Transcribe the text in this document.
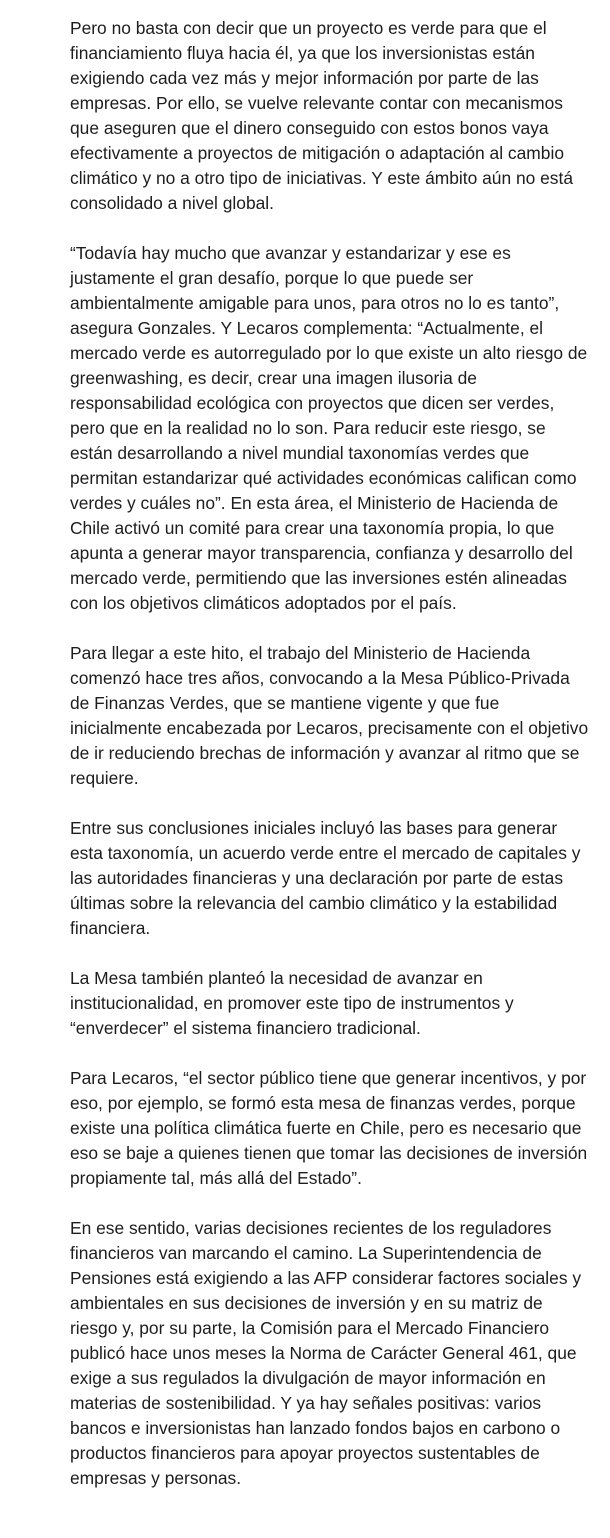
Pero no basta con decir que un proyecto es verde para que el financiamiento fluya hacia él, ya que los inversionistas están exigiendo cada vez más y mejor información por parte de las empresas. Por ello, se vuelve relevante contar con mecanismos que aseguren que el dinero conseguido con estos bonos vaya efectivamente a proyectos de mitigación o adaptación al cambio climático y no a otro tipo de iniciativas. Y este ámbito aún no está consolidado a nivel global.

“Todavía hay mucho que avanzar y estandarizar y ese es justamente el gran desafío, porque lo que puede ser ambientalmente amigable para unos, para otros no lo es tanto”, asegura Gonzales. Y Lecaros complementa: “Actualmente, el mercado verde es autorregulado por lo que existe un alto riesgo de greenwashing, es decir, crear una imagen ilusoria de responsabilidad ecológica con proyectos que dicen ser verdes, pero que en la realidad no lo son. Para reducir este riesgo, se están desarrollando a nivel mundial taxonomías verdes que permitan estandarizar qué actividades económicas califican como verdes y cuáles no”. En esta área, el Ministerio de Hacienda de Chile activó un comité para crear una taxonomía propia, lo que apunta a generar mayor transparencia, confianza y desarrollo del mercado verde, permitiendo que las inversiones estén alineadas con los objetivos climáticos adoptados por el país.

Para llegar a este hito, el trabajo del Ministerio de Hacienda comenzó hace tres años, convocando a la Mesa Público-Privada de Finanzas Verdes, que se mantiene vigente y que fue inicialmente encabezada por Lecaros, precisamente con el objetivo de ir reduciendo brechas de información y avanzar al ritmo que se requiere.

Entre sus conclusiones iniciales incluyó las bases para generar esta taxonomía, un acuerdo verde entre el mercado de capitales y las autoridades financieras y una declaración por parte de estas últimas sobre la relevancia del cambio climático y la estabilidad financiera.

La Mesa también planteó la necesidad de avanzar en institucionalidad, en promover este tipo de instrumentos y “enverdecer” el sistema financiero tradicional.

Para Lecaros, “el sector público tiene que generar incentivos, y por eso, por ejemplo, se formó esta mesa de finanzas verdes, porque existe una política climática fuerte en Chile, pero es necesario que eso se baje a quienes tienen que tomar las decisiones de inversión propiamente tal, más allá del Estado”.

En ese sentido, varias decisiones recientes de los reguladores financieros van marcando el camino. La Superintendencia de Pensiones está exigiendo a las AFP considerar factores sociales y ambientales en sus decisiones de inversión y en su matriz de riesgo y, por su parte, la Comisión para el Mercado Financiero publicó hace unos meses la Norma de Carácter General 461, que exige a sus regulados la divulgación de mayor información en materias de sostenibilidad. Y ya hay señales positivas: varios bancos e inversionistas han lanzado fondos bajos en carbono o productos financieros para apoyar proyectos sustentables de empresas y personas.
